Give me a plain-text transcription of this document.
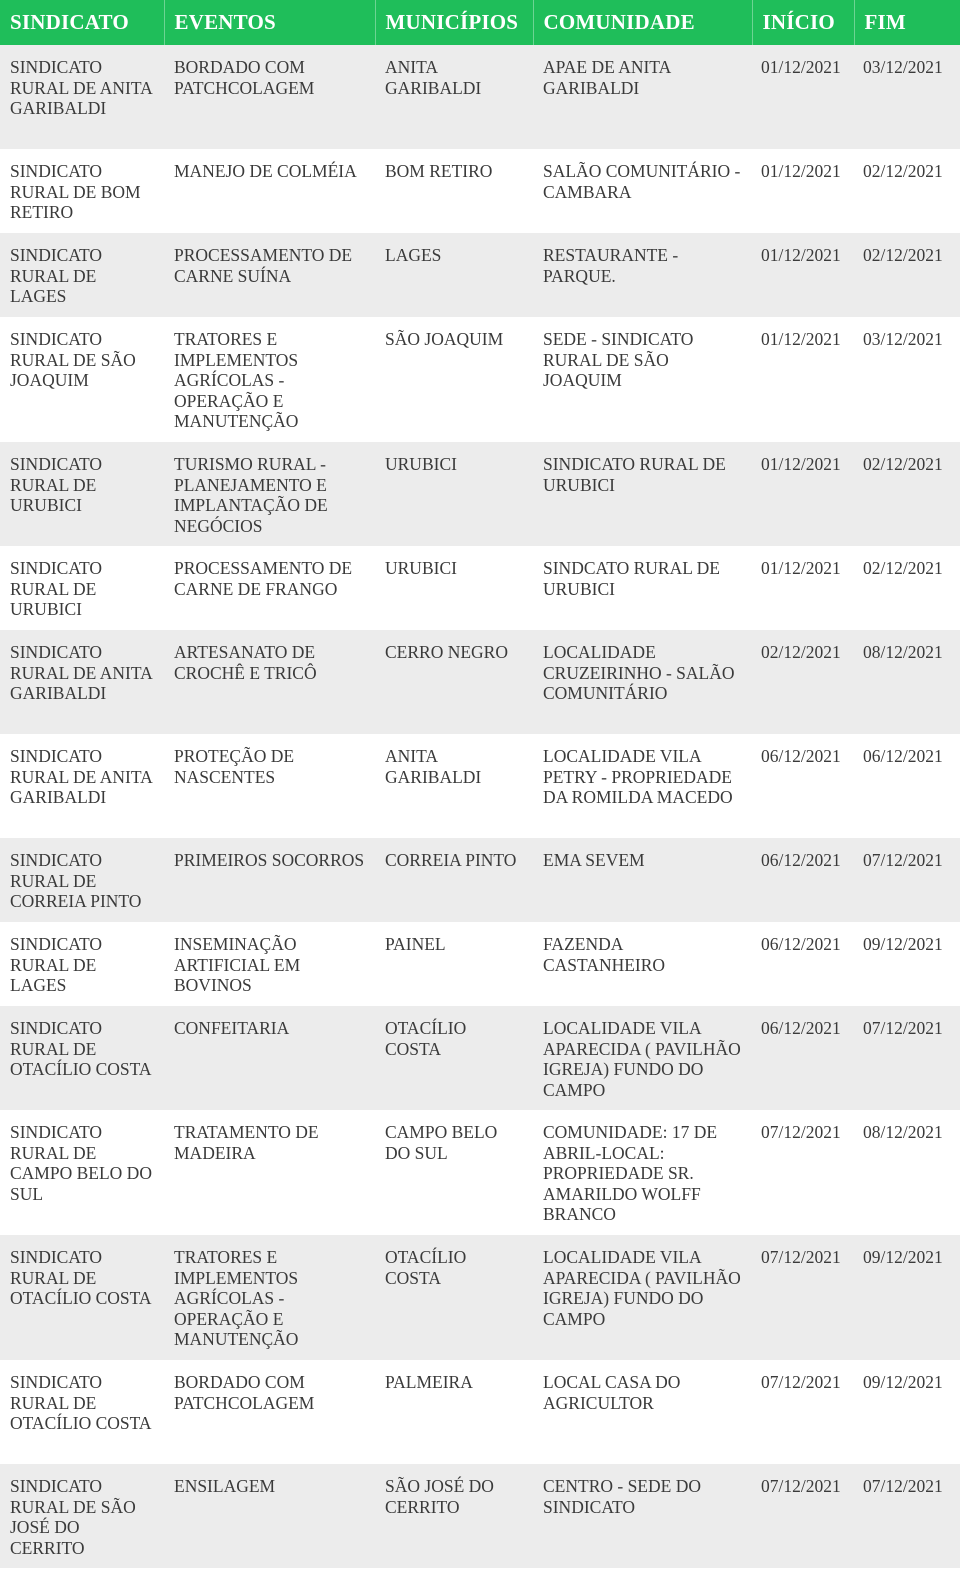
SINDICATO	EVENTOS	MUNICÍPIOS	COMUNIDADE	INÍCIO	FIM
SINDICATO RURAL DE ANITA GARIBALDI	BORDADO COM PATCHCOLAGEM	ANITA GARIBALDI	APAE DE ANITA GARIBALDI	01/12/2021	03/12/2021
SINDICATO RURAL DE BOM RETIRO	MANEJO DE COLMÉIA	BOM RETIRO	SALÃO COMUNITÁRIO - CAMBARA	01/12/2021	02/12/2021
SINDICATO RURAL DE LAGES	PROCESSAMENTO DE CARNE SUÍNA	LAGES	RESTAURANTE - PARQUE.	01/12/2021	02/12/2021
SINDICATO RURAL DE SÃO JOAQUIM	TRATORES E IMPLEMENTOS AGRÍCOLAS - OPERAÇÃO E MANUTENÇÃO	SÃO JOAQUIM	SEDE - SINDICATO RURAL DE SÃO JOAQUIM	01/12/2021	03/12/2021
SINDICATO RURAL DE URUBICI	TURISMO RURAL - PLANEJAMENTO E IMPLANTAÇÃO DE NEGÓCIOS	URUBICI	SINDICATO RURAL DE URUBICI	01/12/2021	02/12/2021
SINDICATO RURAL DE URUBICI	PROCESSAMENTO DE CARNE DE FRANGO	URUBICI	SINDCATO RURAL DE URUBICI	01/12/2021	02/12/2021
SINDICATO RURAL DE ANITA GARIBALDI	ARTESANATO DE CROCHÊ E TRICÔ	CERRO NEGRO	LOCALIDADE CRUZEIRINHO - SALÃO COMUNITÁRIO	02/12/2021	08/12/2021
SINDICATO RURAL DE ANITA GARIBALDI	PROTEÇÃO DE NASCENTES	ANITA GARIBALDI	LOCALIDADE VILA PETRY - PROPRIEDADE DA ROMILDA MACEDO	06/12/2021	06/12/2021
SINDICATO RURAL DE CORREIA PINTO	PRIMEIROS SOCORROS	CORREIA PINTO	EMA SEVEM	06/12/2021	07/12/2021
SINDICATO RURAL DE LAGES	INSEMINAÇÃO ARTIFICIAL EM BOVINOS	PAINEL	FAZENDA CASTANHEIRO	06/12/2021	09/12/2021
SINDICATO RURAL DE OTACÍLIO COSTA	CONFEITARIA	OTACÍLIO COSTA	LOCALIDADE VILA APARECIDA ( PAVILHÃO IGREJA) FUNDO DO CAMPO	06/12/2021	07/12/2021
SINDICATO RURAL DE CAMPO BELO DO SUL	TRATAMENTO DE MADEIRA	CAMPO BELO DO SUL	COMUNIDADE: 17 DE ABRIL-LOCAL: PROPRIEDADE SR. AMARILDO WOLFF BRANCO	07/12/2021	08/12/2021
SINDICATO RURAL DE OTACÍLIO COSTA	TRATORES E IMPLEMENTOS AGRÍCOLAS - OPERAÇÃO E MANUTENÇÃO	OTACÍLIO COSTA	LOCALIDADE VILA APARECIDA ( PAVILHÃO IGREJA) FUNDO DO CAMPO	07/12/2021	09/12/2021
SINDICATO RURAL DE OTACÍLIO COSTA	BORDADO COM PATCHCOLAGEM	PALMEIRA	LOCAL CASA DO AGRICULTOR	07/12/2021	09/12/2021
SINDICATO RURAL DE SÃO JOSÉ DO CERRITO	ENSILAGEM	SÃO JOSÉ DO CERRITO	CENTRO - SEDE DO SINDICATO	07/12/2021	07/12/2021
